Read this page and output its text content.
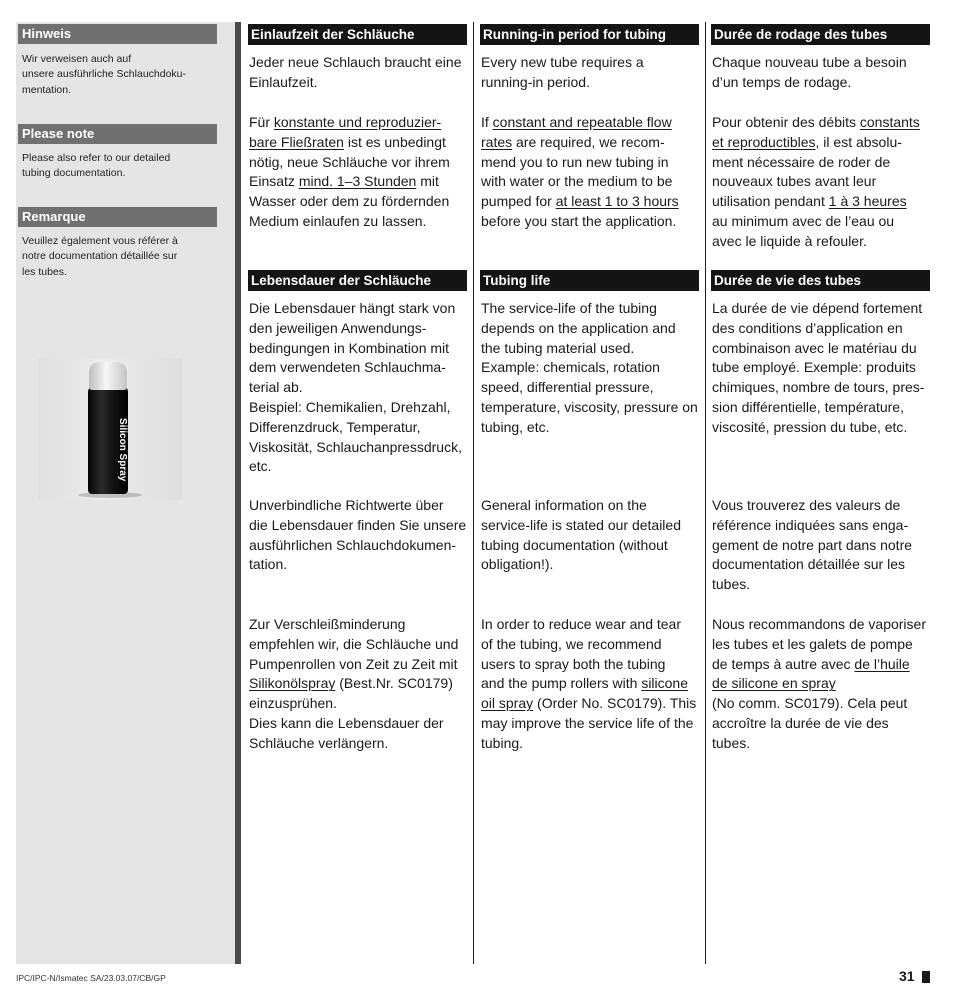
Hinweis

Wir verweisen auch auf
unsere ausführliche Schlauchdoku-
mentation.

Please note

Please also refer to our detailed
tubing documentation.

Remarque

Veuillez également vous référer à
notre documentation détaillée sur
les tubes.

Silicon Spray
Einlaufzeit der Schläuche

Jeder neue Schlauch braucht eine
Einlaufzeit.

Für konstante und reproduzier-
bare Fließraten ist es unbedingt
nötig, neue Schläuche vor ihrem
Einsatz mind. 1–3 Stunden mit
Wasser oder dem zu fördernden
Medium einlaufen zu lassen.

Lebensdauer der Schläuche

Die Lebensdauer hängt stark von
den jeweiligen Anwendungs-
bedingungen in Kombination mit
dem verwendeten Schlauchma-
terial ab.
Beispiel: Chemikalien, Drehzahl,
Differenzdruck, Temperatur,
Viskosität, Schlauchanpressdruck,
etc.

Unverbindliche Richtwerte über
die Lebensdauer finden Sie unsere
ausführlichen Schlauchdokumen-
tation.

Zur Verschleißminderung
empfehlen wir, die Schläuche und
Pumpenrollen von Zeit zu Zeit mit
Silikonölspray (Best.Nr. SC0179)
einzusprühen.
Dies kann die Lebensdauer der
Schläuche verlängern.

Running-in period for tubing

Every new tube requires a
running-in period.

If constant and repeatable flow
rates are required, we recom-
mend you to run new tubing in
with water or the medium to be
pumped for at least 1 to 3 hours
before you start the application.

Tubing life

The service-life of the tubing
depends on the application and
the tubing material used.
Example: chemicals, rotation
speed, differential pressure,
temperature, viscosity, pressure on
tubing, etc.

General information on the
service-life is stated our detailed
tubing documentation (without
obligation!).

In order to reduce wear and tear
of the tubing, we recommend
users to spray both the tubing
and the pump rollers with silicone
oil spray (Order No. SC0179). This
may improve the service life of the
tubing.

Durée de rodage des tubes

Chaque nouveau tube a besoin
d’un temps de rodage.

Pour obtenir des débits constants
et reproductibles, il est absolu-
ment nécessaire de roder de
nouveaux tubes avant leur
utilisation pendant 1 à 3 heures
au minimum avec de l’eau ou
avec le liquide à refouler.

Durée de vie des tubes

La durée de vie dépend fortement
des conditions d’application en
combinaison avec le matériau du
tube employé. Exemple: produits
chimiques, nombre de tours, pres-
sion différentielle, température,
viscosité, pression du tube, etc.

Vous trouverez des valeurs de
référence indiquées sans enga-
gement de notre part dans notre
documentation détaillée sur les
tubes.

Nous recommandons de vaporiser
les tubes et les galets de pompe
de temps à autre avec de l’huile
de silicone en spray
(No comm. SC0179). Cela peut
accroître la durée de vie des
tubes.

IPC/IPC-N/Ismatec SA/23.03.07/CB/GP	31
